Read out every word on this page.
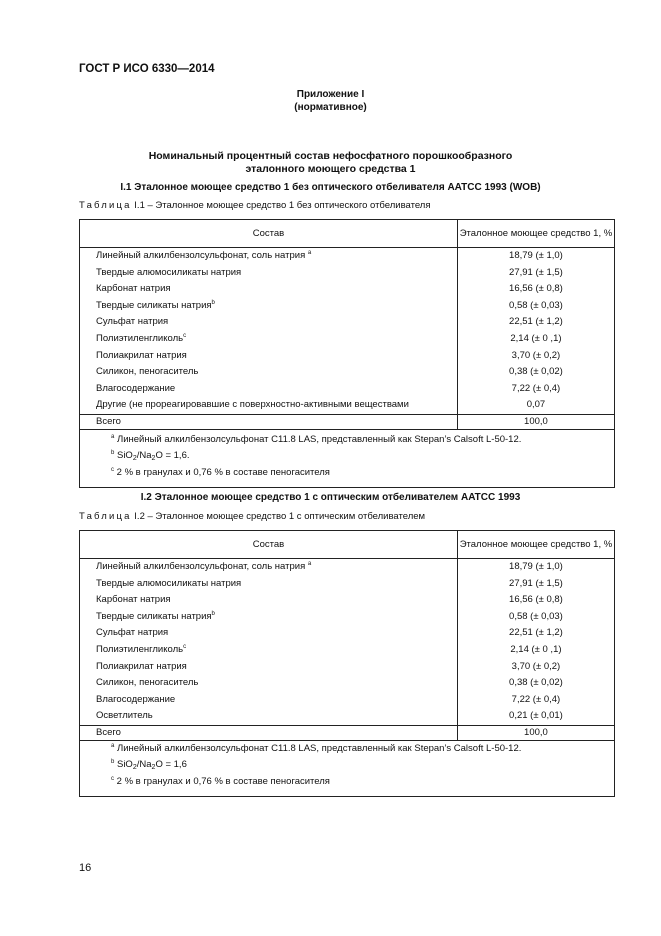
ГОСТ Р ИСО 6330—2014
Приложение I
(нормативное)
Номинальный процентный состав нефосфатного порошкообразного
эталонного моющего средства 1
I.1 Эталонное моющее средство 1 без оптического отбеливателя AATCC 1993 (WOB)
Таблица I.1 – Эталонное моющее средство 1 без оптического отбеливателя
Состав	Эталонное моющее средство 1, %
Линейный алкилбензолсульфонат, соль натрия $^a$	18,79 (± 1,0)
Твердые алюмосиликаты натрия	27,91 (± 1,5)
Карбонат натрия	16,56 (± 0,8)
Твердые силикаты натрия$^b$	0,58 (± 0,03)
Сульфат натрия	22,51 (± 1,2)
Полиэтиленгликоль$^c$	2,14 (± 0 ,1)
Полиакрилат натрия	3,70 (± 0,2)
Силикон, пеногаситель	0,38 (± 0,02)
Влагосодержание	7,22 (± 0,4)
Другие (не прореагировавшие с поверхностно-активными веществами	0,07
Всего	100,0

$^a$ Линейный алкилбензолсульфонат С11.8 LAS, представленный как Stepan’s Calsoft L-50-12.
$^b$ $SiO_2/Na_2O = 1,6$.
$^c$ 2 % в гранулах и 0,76 % в составе пеногасителя	
I.2 Эталонное моющее средство 1 с оптическим отбеливателем AATCC 1993
Таблица I.2 – Эталонное моющее средство 1 с оптическим отбеливателем
Состав	Эталонное моющее средство 1, %
Линейный алкилбензолсульфонат, соль натрия $^a$	18,79 (± 1,0)
Твердые алюмосиликаты натрия	27,91 (± 1,5)
Карбонат натрия	16,56 (± 0,8)
Твердые силикаты натрия$^b$	0,58 (± 0,03)
Сульфат натрия	22,51 (± 1,2)
Полиэтиленгликоль$^c$	2,14 (± 0 ,1)
Полиакрилат натрия	3,70 (± 0,2)
Силикон, пеногаситель	0,38 (± 0,02)
Влагосодержание	7,22 (± 0,4)
Осветлитель	0,21 (± 0,01)
Всего	100,0

$^a$ Линейный алкилбензолсульфонат С11.8 LAS, представленный как Stepan’s Calsoft L-50-12.
$^b$ $SiO_2/Na_2O = 1,6$
$^c$ 2 % в гранулах и 0,76 % в составе пеногасителя	
16
